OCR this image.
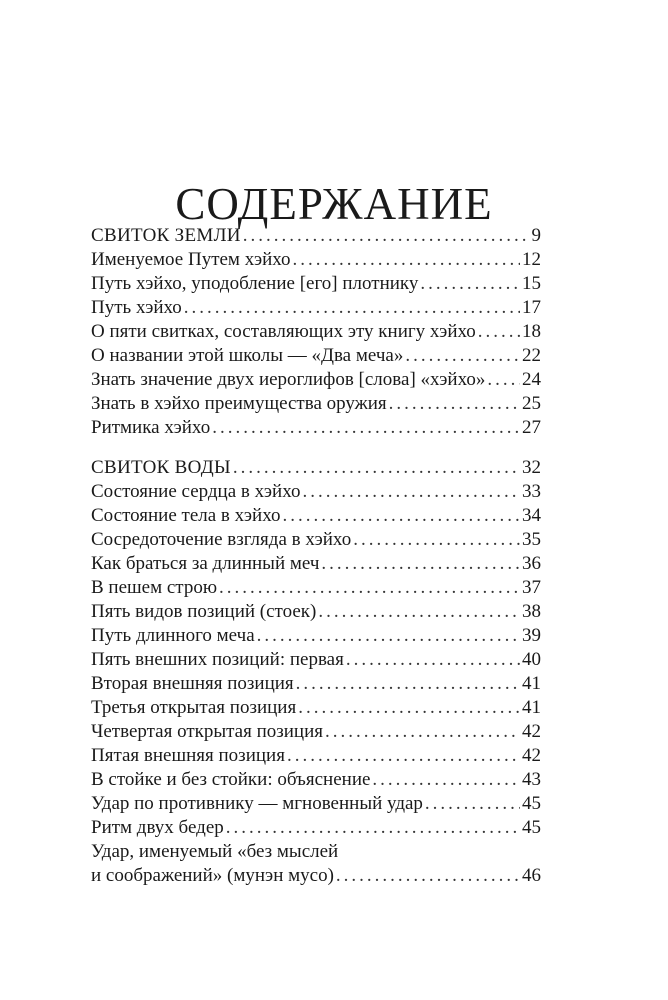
СОДЕРЖАНИЕ
СВИТОК ЗЕМЛИ .....	9
Именуемое Путем хэйхо .....	12
Путь хэйхо, уподобление [его] плотнику .....	15
Путь хэйхо .....	17
О пяти свитках, составляющих эту книгу хэйхо ..... 18
О названии этой школы — «Два меча» .....	22
Знать значение двух иероглифов [слова] «хэйхо» ..... 24
Знать в хэйхо преимущества оружия .....	25
Ритмика хэйхо .....	27
СВИТОК ВОДЫ .....	32
Состояние сердца в хэйхо .....	33
Состояние тела в хэйхо .....	34
Сосредоточение взгляда в хэйхо .....	35
Как браться за длинный меч .....	36
В пешем строю .....	37
Пять видов позиций (стоек) .....	38
Путь длинного меча .....	39
Пять внешних позиций: первая .....	40
Вторая внешняя позиция .....	41
Третья открытая позиция .....	41
Четвертая открытая позиция .....	42
Пятая внешняя позиция .....	42
В стойке и без стойки: объяснение .....	43
Удар по противнику — мгновенный удар .....	45
Ритм двух бедер .....	45
Удар, именуемый «без мыслей
и соображений» (мунэн мусо) .....	46
